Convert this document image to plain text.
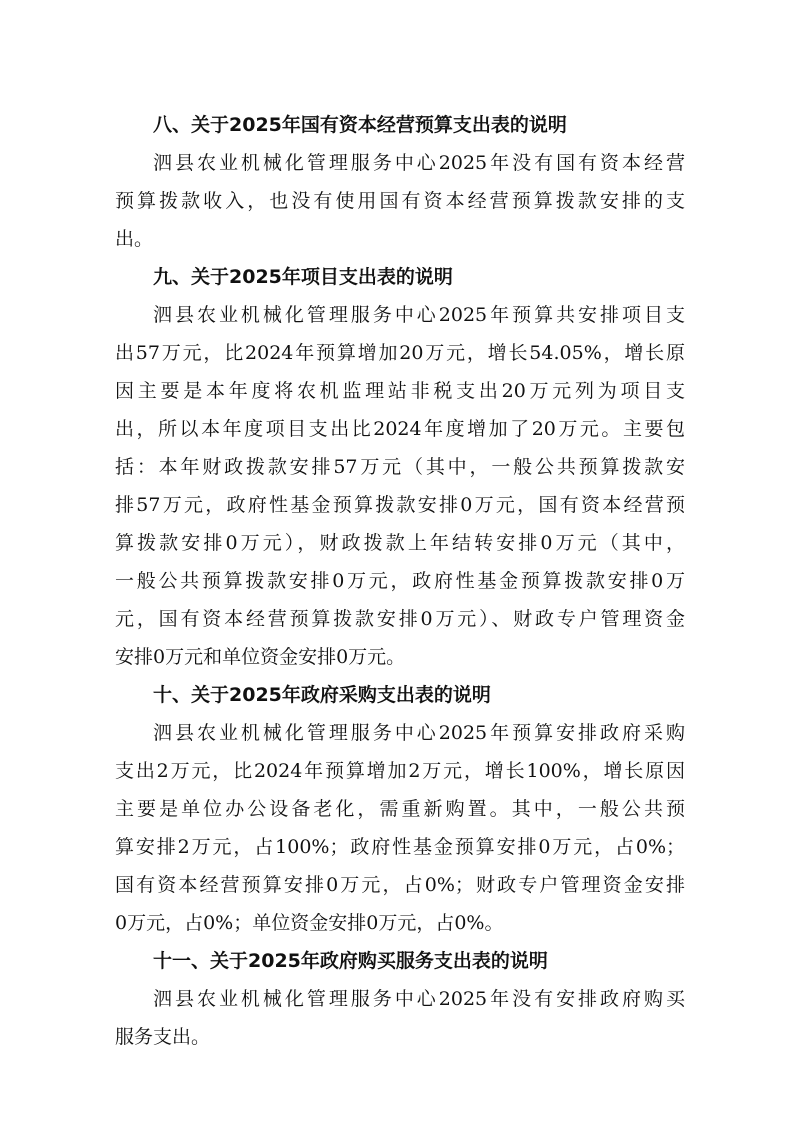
八、关于2025年国有资本经营预算支出表的说明

泗县农业机械化管理服务中心2025年没有国有资本经营
预算拨款收入，也没有使用国有资本经营预算拨款安排的支
出。

九、关于2025年项目支出表的说明

泗县农业机械化管理服务中心2025年预算共安排项目支
出57万元，比2024年预算增加20万元，增长54.05%，增长原
因主要是本年度将农机监理站非税支出20万元列为项目支
出，所以本年度项目支出比2024年度增加了20万元。主要包
括：本年财政拨款安排57万元（其中，一般公共预算拨款安
排57万元，政府性基金预算拨款安排0万元，国有资本经营预
算拨款安排0万元），财政拨款上年结转安排0万元（其中，
一般公共预算拨款安排0万元，政府性基金预算拨款安排0万
元，国有资本经营预算拨款安排0万元）、财政专户管理资金
安排0万元和单位资金安排0万元。

十、关于2025年政府采购支出表的说明

泗县农业机械化管理服务中心2025年预算安排政府采购
支出2万元，比2024年预算增加2万元，增长100%，增长原因
主要是单位办公设备老化，需重新购置。其中，一般公共预
算安排2万元，占100%；政府性基金预算安排0万元，占0%；
国有资本经营预算安排0万元，占0%；财政专户管理资金安排
0万元，占0%；单位资金安排0万元，占0%。

十一、关于2025年政府购买服务支出表的说明

泗县农业机械化管理服务中心2025年没有安排政府购买
服务支出。
